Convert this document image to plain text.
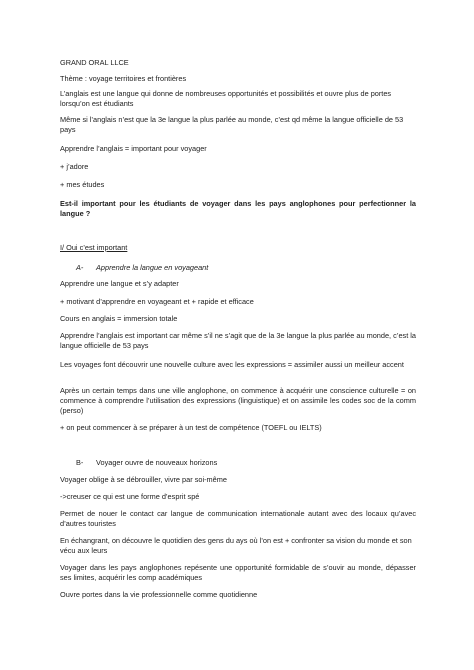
GRAND ORAL LLCE

Thème : voyage territoires et frontières

L’anglais est une langue qui donne de nombreuses opportunités et possibilités et ouvre plus de portes lorsqu’on est étudiants

Même si l’anglais n’est que la 3e langue la plus parlée au monde, c’est qd même la langue officielle de 53 pays

Apprendre l’anglais = important pour voyager

+ j’adore

+ mes études

Est-il important pour les étudiants de voyager dans les pays anglophones pour perfectionner la langue ?

I/ Oui c’est important

A- Apprendre la langue en voyageant

Apprendre une langue et s’y adapter

+ motivant d’apprendre en voyageant et + rapide et efficace

Cours en anglais = immersion totale

Apprendre l’anglais est important car même s’il ne s’agit que de la 3e langue la plus parlée au monde, c’est la langue officielle de 53 pays

Les voyages font découvrir une nouvelle culture avec les expressions = assimiler aussi un meilleur accent

Après un certain temps dans une ville anglophone, on commence à acquérir une conscience culturelle = on commence à comprendre l’utilisation des expressions (linguistique) et on assimile les codes soc de la comm (perso)

+ on peut commencer à se préparer à un test de compétence (TOEFL ou IELTS)

B- Voyager ouvre de nouveaux horizons

Voyager oblige à se débrouiller, vivre par soi-même

->creuser ce qui est une forme d’esprit spé

Permet de nouer le contact car langue de communication internationale autant avec des locaux qu’avec d’autres touristes

En échangrant, on découvre le quotidien des gens du ays où l’on est + confronter sa vision du monde et son vécu aux leurs

Voyager dans les pays anglophones repésente une opportunité formidable de s’ouvir au monde, dépasser ses limites, acquérir les comp académiques

Ouvre portes dans la vie professionnelle comme quotidienne
